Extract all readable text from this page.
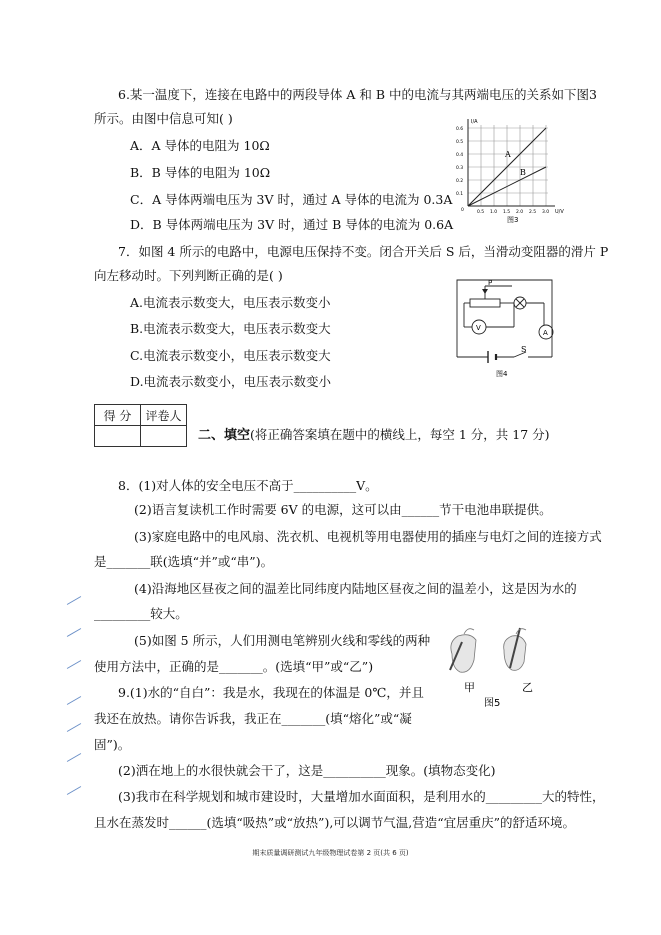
6.某一温度下，连接在电路中的两段导体 A 和 B 中的电流与其两端电压的关系如下图3
所示。由图中信息可知( )
A．A 导体的电阻为 10Ω
B．B 导体的电阻为 10Ω
C．A 导体两端电压为 3V 时，通过 A 导体的电流为 0.3A
D．B 导体两端电压为 3V 时，通过 B 导体的电流为 0.6A
I/A
U/V
0.6
0.5
0.4
0.3
0.2
0.1
0	0.5 1.0 1.5 2.0 2.5 3.0
A
B
图3
7．如图 4 所示的电路中，电源电压保持不变。闭合开关后 S 后，当滑动变阻器的滑片 P
向左移动时。下列判断正确的是( )
A.电流表示数变大，电压表示数变小
B.电流表示数变大，电压表示数变大
C.电流表示数变小，电压表示数变大
D.电流表示数变小，电压表示数变小
P
V
A
S
图4
得 分	评卷人

二、填空(将正确答案填在题中的横线上，每空 1 分，共 17 分)
8．(1)对人体的安全电压不高于__________V。
(2)语言复读机工作时需要 6V 的电源，这可以由______节干电池串联提供。
(3)家庭电路中的电风扇、洗衣机、电视机等用电器使用的插座与电灯之间的连接方式
是_______联(选填“并”或“串”)。
(4)沿海地区昼夜之间的温差比同纬度内陆地区昼夜之间的温差小，这是因为水的
_________较大。
(5)如图 5 所示，人们用测电笔辨别火线和零线的两种
使用方法中，正确的是_______。(选填“甲”或“乙”)
甲	乙
图5
9.(1)水的“自白”：我是水，我现在的体温是 0℃，并且
我还在放热。请你告诉我，我正在_______(填“熔化”或“凝
固”)。
(2)洒在地上的水很快就会干了，这是__________现象。(填物态变化)
(3)我市在科学规划和城市建设时，大量增加水面面积，是利用水的_________大的特性，
且水在蒸发时______(选填“吸热”或“放热”),可以调节气温,营造“宜居重庆”的舒适环境。
期末质量调研测试九年级物理试卷第 2 页(共 6 页)
